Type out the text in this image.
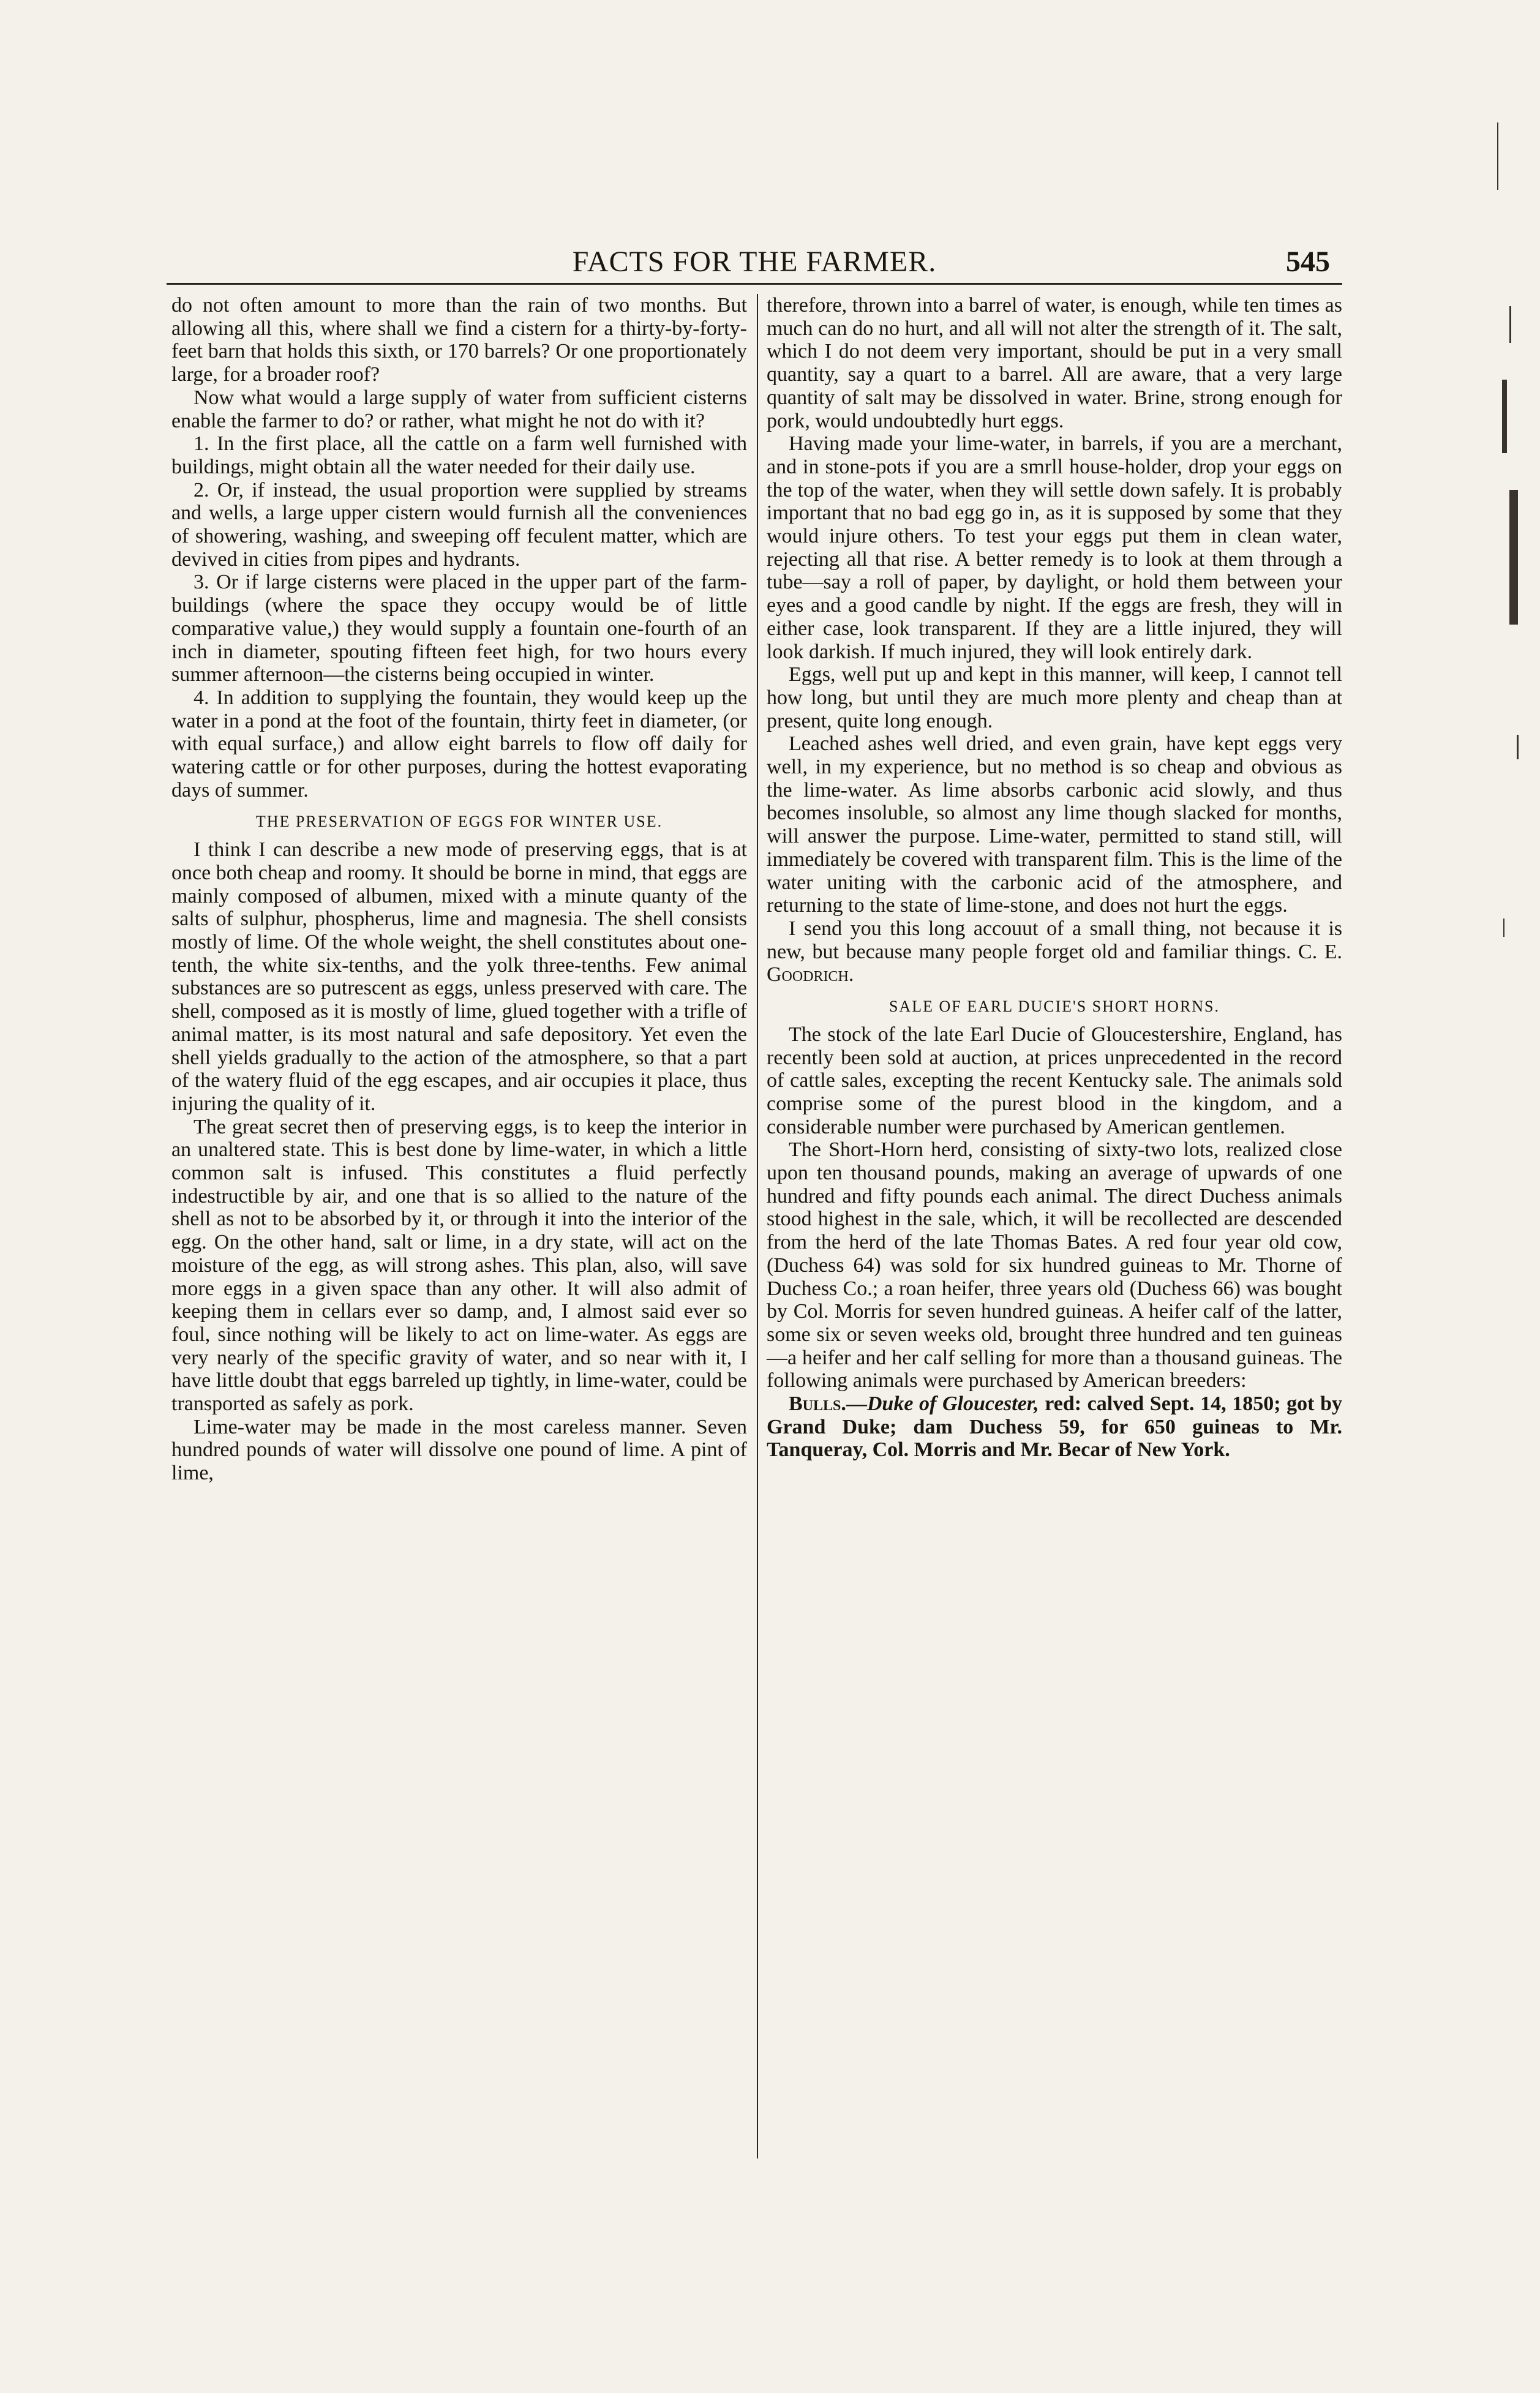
FACTS FOR THE FARMER.	545

do not often amount to more than the rain of two months. But allowing all this, where shall we find a cistern for a thirty-by-forty-feet barn that holds this sixth, or 170 barrels? Or one proportionately large, for a broader roof?

Now what would a large supply of water from sufficient cisterns enable the farmer to do? or rather, what might he not do with it?

1. In the first place, all the cattle on a farm well furnished with buildings, might obtain all the water needed for their daily use.

2. Or, if instead, the usual proportion were supplied by streams and wells, a large upper cistern would furnish all the conveniences of showering, washing, and sweeping off feculent matter, which are devived in cities from pipes and hydrants.

3. Or if large cisterns were placed in the upper part of the farm-buildings (where the space they occupy would be of little comparative value,) they would supply a fountain one-fourth of an inch in diameter, spouting fifteen feet high, for two hours every summer afternoon—the cisterns being occupied in winter.

4. In addition to supplying the fountain, they would keep up the water in a pond at the foot of the fountain, thirty feet in diameter, (or with equal surface,) and allow eight barrels to flow off daily for watering cattle or for other purposes, during the hottest evaporating days of summer.

THE PRESERVATION OF EGGS FOR WINTER USE.

I think I can describe a new mode of preserving eggs, that is at once both cheap and roomy. It should be borne in mind, that eggs are mainly composed of albumen, mixed with a minute quanty of the salts of sulphur, phospherus, lime and magnesia. The shell consists mostly of lime. Of the whole weight, the shell constitutes about one-tenth, the white six-tenths, and the yolk three-tenths. Few animal substances are so putrescent as eggs, unless preserved with care. The shell, composed as it is mostly of lime, glued together with a trifle of animal matter, is its most natural and safe depository. Yet even the shell yields gradually to the action of the atmosphere, so that a part of the watery fluid of the egg escapes, and air occupies it place, thus injuring the quality of it.

The great secret then of preserving eggs, is to keep the interior in an unaltered state. This is best done by lime-water, in which a little common salt is infused. This constitutes a fluid perfectly indestructible by air, and one that is so allied to the nature of the shell as not to be absorbed by it, or through it into the interior of the egg. On the other hand, salt or lime, in a dry state, will act on the moisture of the egg, as will strong ashes. This plan, also, will save more eggs in a given space than any other. It will also admit of keeping them in cellars ever so damp, and, I almost said ever so foul, since nothing will be likely to act on lime-water. As eggs are very nearly of the specific gravity of water, and so near with it, I have little doubt that eggs barreled up tightly, in lime-water, could be transported as safely as pork.

Lime-water may be made in the most careless manner. Seven hundred pounds of water will dissolve one pound of lime. A pint of lime,

therefore, thrown into a barrel of water, is enough, while ten times as much can do no hurt, and all will not alter the strength of it. The salt, which I do not deem very important, should be put in a very small quantity, say a quart to a barrel. All are aware, that a very large quantity of salt may be dissolved in water. Brine, strong enough for pork, would undoubtedly hurt eggs.

Having made your lime-water, in barrels, if you are a merchant, and in stone-pots if you are a smrll house-holder, drop your eggs on the top of the water, when they will settle down safely. It is probably important that no bad egg go in, as it is supposed by some that they would injure others. To test your eggs put them in clean water, rejecting all that rise. A better remedy is to look at them through a tube—say a roll of paper, by daylight, or hold them between your eyes and a good candle by night. If the eggs are fresh, they will in either case, look transparent. If they are a little injured, they will look darkish. If much injured, they will look entirely dark.

Eggs, well put up and kept in this manner, will keep, I cannot tell how long, but until they are much more plenty and cheap than at present, quite long enough.

Leached ashes well dried, and even grain, have kept eggs very well, in my experience, but no method is so cheap and obvious as the lime-water. As lime absorbs carbonic acid slowly, and thus becomes insoluble, so almost any lime though slacked for months, will answer the purpose. Lime-water, permitted to stand still, will immediately be covered with transparent film. This is the lime of the water uniting with the carbonic acid of the atmosphere, and returning to the state of lime-stone, and does not hurt the eggs.

I send you this long accouut of a small thing, not because it is new, but because many people forget old and familiar things. C. E. Goodrich.

SALE OF EARL DUCIE'S SHORT HORNS.

The stock of the late Earl Ducie of Gloucestershire, England, has recently been sold at auction, at prices unprecedented in the record of cattle sales, excepting the recent Kentucky sale. The animals sold comprise some of the purest blood in the kingdom, and a considerable number were purchased by American gentlemen.

The Short-Horn herd, consisting of sixty-two lots, realized close upon ten thousand pounds, making an average of upwards of one hundred and fifty pounds each animal. The direct Duchess animals stood highest in the sale, which, it will be recollected are descended from the herd of the late Thomas Bates. A red four year old cow, (Duchess 64) was sold for six hundred guineas to Mr. Thorne of Duchess Co.; a roan heifer, three years old (Duchess 66) was bought by Col. Morris for seven hundred guineas. A heifer calf of the latter, some six or seven weeks old, brought three hundred and ten guineas—a heifer and her calf selling for more than a thousand guineas. The following animals were purchased by American breeders:

Bulls.—Duke of Gloucester, red: calved Sept. 14, 1850; got by Grand Duke; dam Duchess 59, for 650 guineas to Mr. Tanqueray, Col. Morris and Mr. Becar of New York.
